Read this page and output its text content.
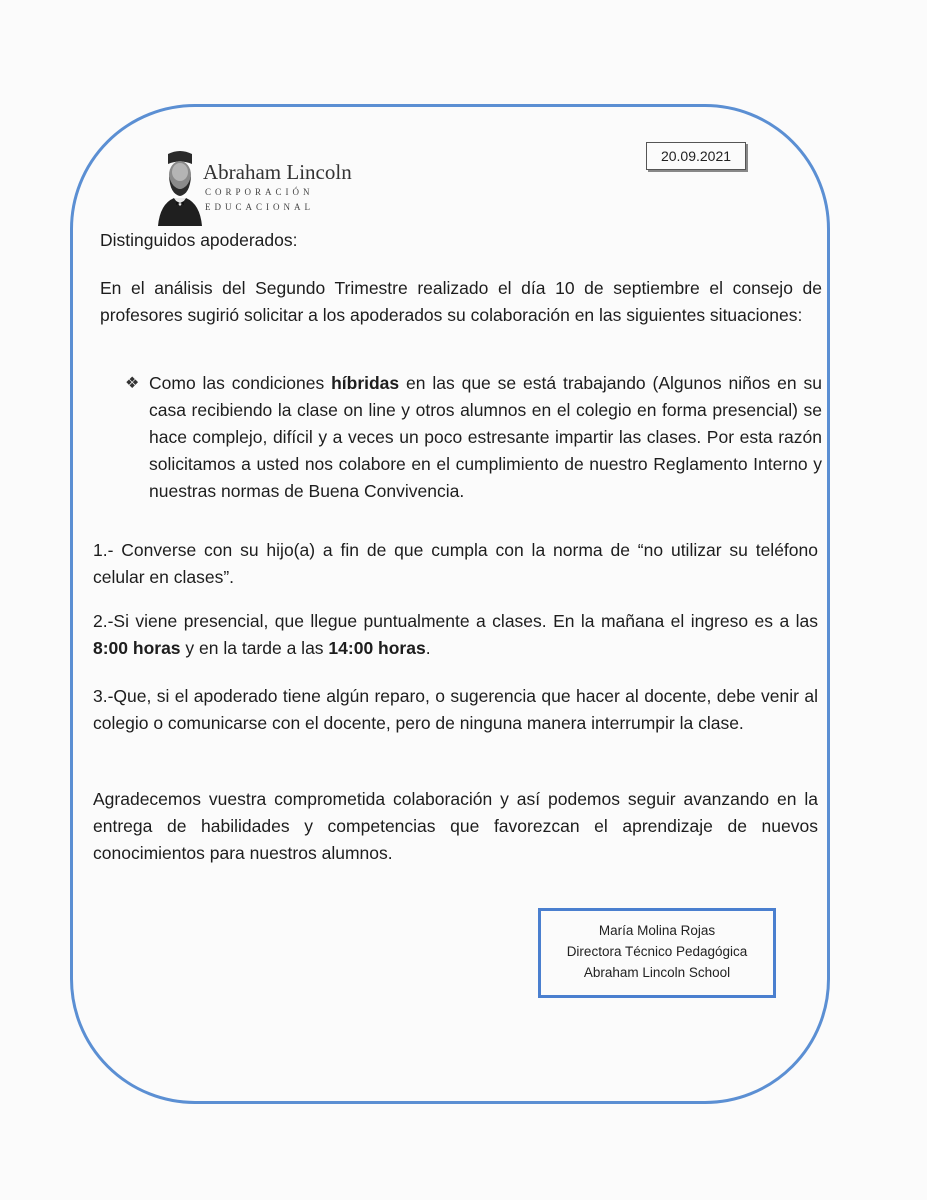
20.09.2021
Abraham Lincoln
CORPORACIÓN
EDUCACIONAL
Distinguidos apoderados:
En el análisis del Segundo Trimestre realizado el día 10 de septiembre el consejo de profesores sugirió solicitar a los apoderados su colaboración en las siguientes situaciones:
❖ Como las condiciones híbridas en las que se está trabajando (Algunos niños en su casa recibiendo la clase on line y otros alumnos en el colegio en forma presencial) se hace complejo, difícil y a veces un poco estresante impartir las clases. Por esta razón solicitamos a usted nos colabore en el cumplimiento de nuestro Reglamento Interno y nuestras normas de Buena Convivencia.
1.- Converse con su hijo(a) a fin de que cumpla con la norma de “no utilizar su teléfono celular en clases”.
2.-Si viene presencial, que llegue puntualmente a clases. En la mañana el ingreso es a las 8:00 horas y en la tarde a las 14:00 horas.
3.-Que, si el apoderado tiene algún reparo, o sugerencia que hacer al docente, debe venir al colegio o comunicarse con el docente, pero de ninguna manera interrumpir la clase.
Agradecemos vuestra comprometida colaboración y así podemos seguir avanzando en la entrega de habilidades y competencias que favorezcan el aprendizaje de nuevos conocimientos para nuestros alumnos.
María Molina Rojas
Directora Técnico Pedagógica
Abraham Lincoln School
